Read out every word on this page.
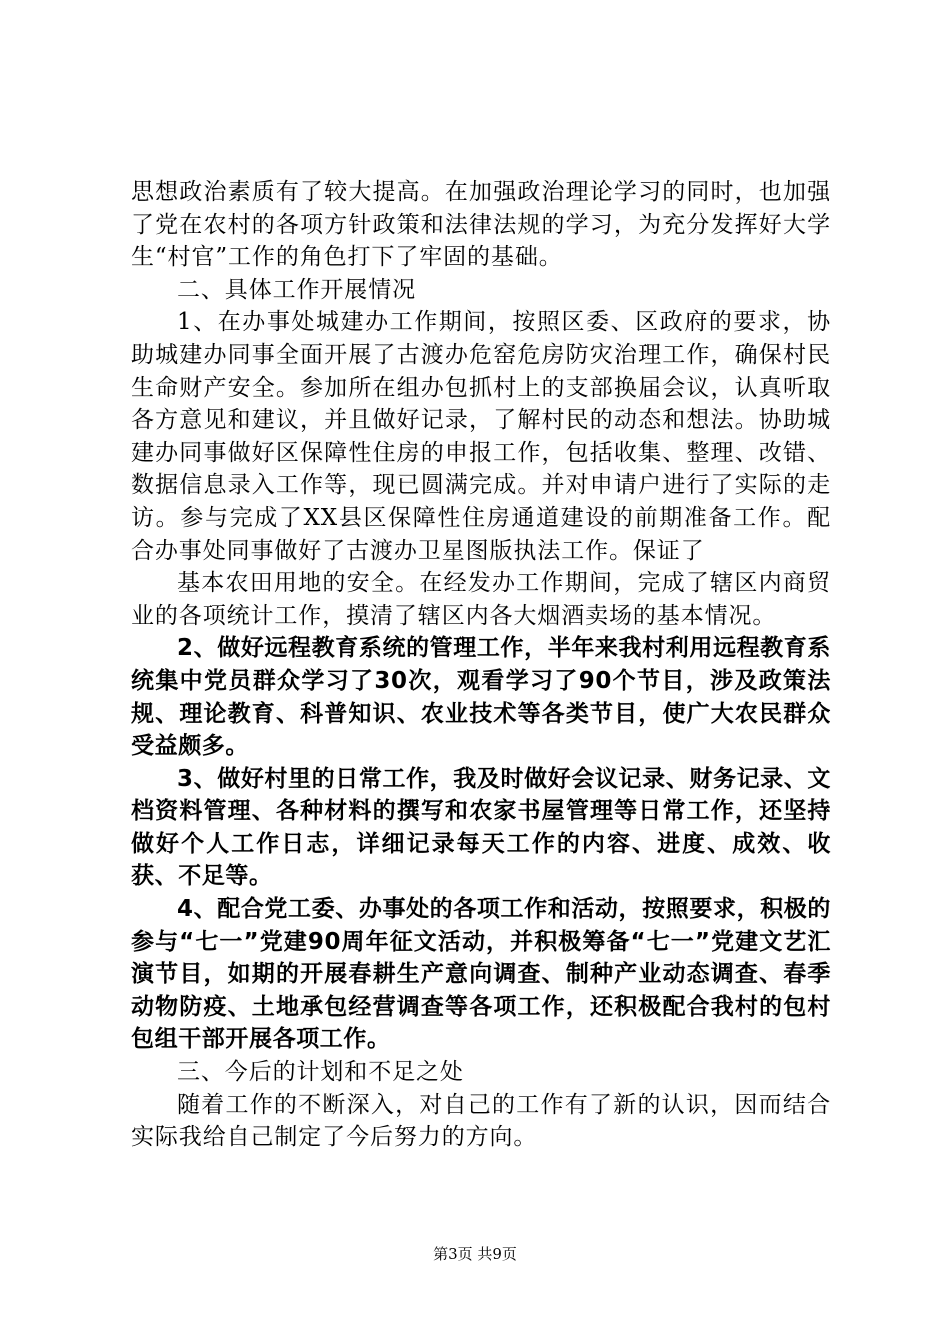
思想政治素质有了较大提高。在加强政治理论学习的同时，也加强了党在农村的各项方针政策和法律法规的学习，为充分发挥好大学生“村官”工作的角色打下了牢固的基础。

二、具体工作开展情况

1、在办事处城建办工作期间，按照区委、区政府的要求，协助城建办同事全面开展了古渡办危窑危房防灾治理工作，确保村民生命财产安全。参加所在组办包抓村上的支部换届会议，认真听取各方意见和建议，并且做好记录，了解村民的动态和想法。协助城建办同事做好区保障性住房的申报工作，包括收集、整理、改错、数据信息录入工作等，现已圆满完成。并对申请户进行了实际的走访。参与完成了XX县区保障性住房通道建设的前期准备工作。配合办事处同事做好了古渡办卫星图版执法工作。保证了

基本农田用地的安全。在经发办工作期间，完成了辖区内商贸业的各项统计工作，摸清了辖区内各大烟酒卖场的基本情况。

2、做好远程教育系统的管理工作，半年来我村利用远程教育系统集中党员群众学习了30次，观看学习了90个节目，涉及政策法规、理论教育、科普知识、农业技术等各类节目，使广大农民群众受益颇多。

3、做好村里的日常工作，我及时做好会议记录、财务记录、文档资料管理、各种材料的撰写和农家书屋管理等日常工作，还坚持做好个人工作日志，详细记录每天工作的内容、进度、成效、收获、不足等。

4、配合党工委、办事处的各项工作和活动，按照要求，积极的参与“七一”党建90周年征文活动，并积极筹备“七一”党建文艺汇演节目，如期的开展春耕生产意向调查、制种产业动态调查、春季动物防疫、土地承包经营调查等各项工作，还积极配合我村的包村包组干部开展各项工作。

三、今后的计划和不足之处

随着工作的不断深入，对自己的工作有了新的认识，因而结合实际我给自己制定了今后努力的方向。

第3页 共9页
